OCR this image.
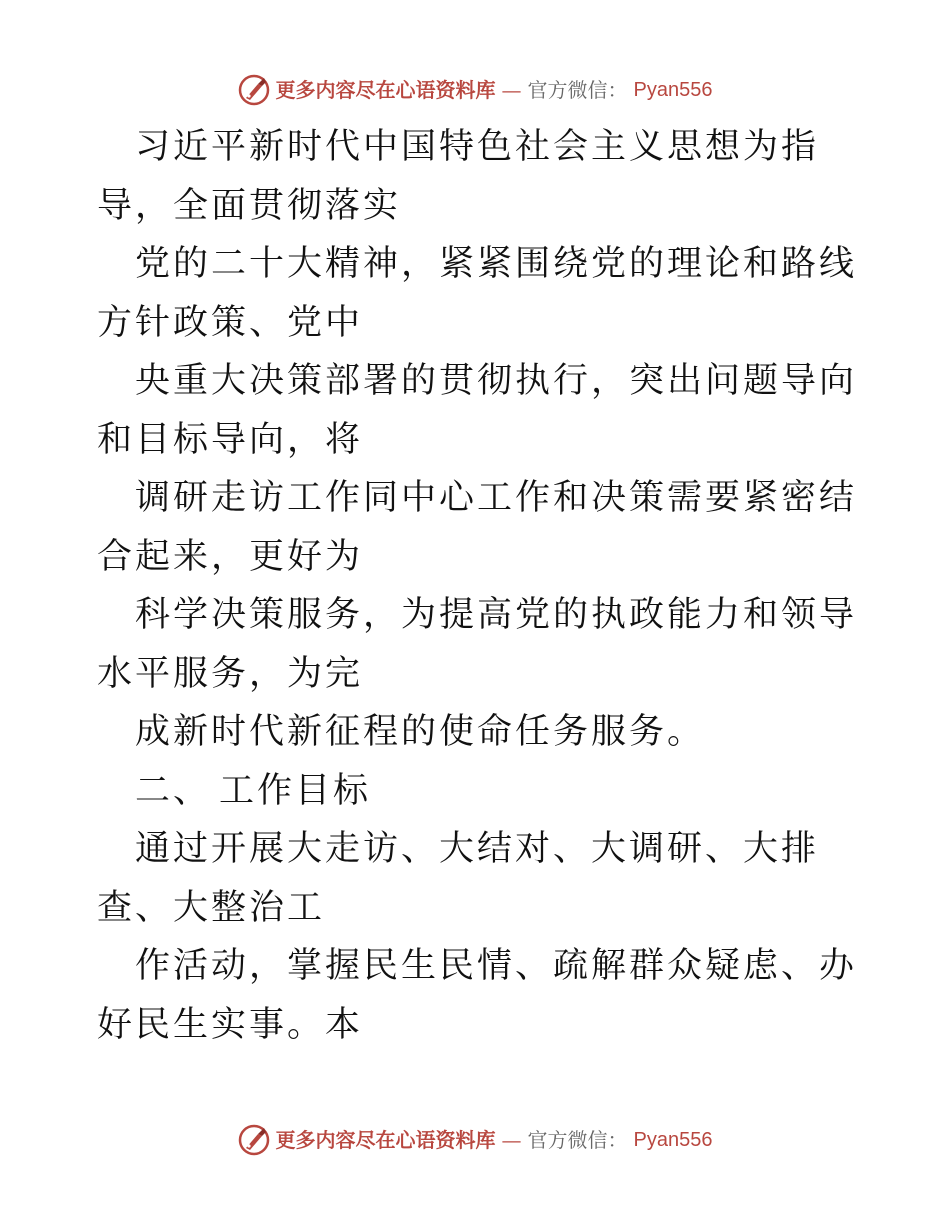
更多内容尽在心语资料库 — 官方微信： Pyan556

习近平新时代中国特色社会主义思想为指导，全面贯彻落实

党的二十大精神，紧紧围绕党的理论和路线方针政策、党中

央重大决策部署的贯彻执行，突出问题导向和目标导向，将

调研走访工作同中心工作和决策需要紧密结合起来，更好为

科学决策服务，为提高党的执政能力和领导水平服务，为完

成新时代新征程的使命任务服务。

二、 工作目标

通过开展大走访、大结对、大调研、大排查、大整治工

作活动，掌握民生民情、疏解群众疑虑、办好民生实事。本

更多内容尽在心语资料库 — 官方微信： Pyan556
